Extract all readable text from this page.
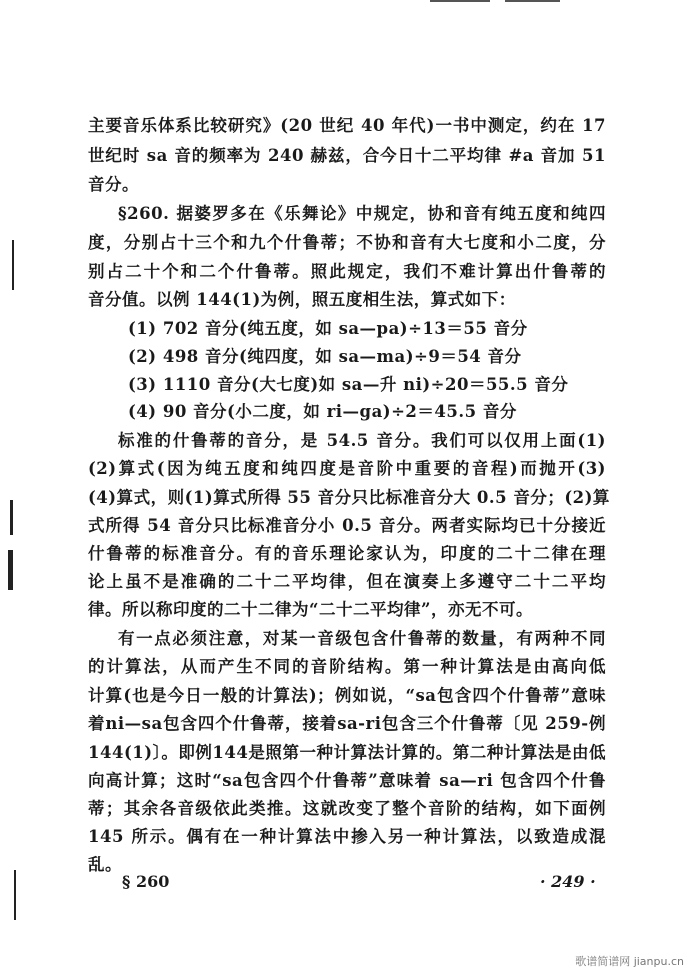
主要音乐体系比较研究》(20 世纪 40 年代)一书中测定，约在 17
世纪时 sa 音的频率为 240 赫兹，合今日十二平均律 #a 音加 51
音分。
§260. 据婆罗多在《乐舞论》中规定，协和音有纯五度和纯四
度，分别占十三个和九个什鲁蒂；不协和音有大七度和小二度，分
别占二十个和二个什鲁蒂。照此规定，我们不难计算出什鲁蒂的
音分值。以例 144(1)为例，照五度相生法，算式如下：
(1) 702 音分(纯五度，如 sa—pa)÷13＝55 音分
(2) 498 音分(纯四度，如 sa—ma)÷9＝54 音分
(3) 1110 音分(大七度)如 sa—升 ni)÷20＝55.5 音分
(4) 90 音分(小二度，如 ri—ga)÷2＝45.5 音分
标准的什鲁蒂的音分，是 54.5 音分。我们可以仅用上面(1)
(2)算式(因为纯五度和纯四度是音阶中重要的音程)而抛开(3)
(4)算式，则(1)算式所得 55 音分只比标准音分大 0.5 音分；(2)算
式所得 54 音分只比标准音分小 0.5 音分。两者实际均已十分接近
什鲁蒂的标准音分。有的音乐理论家认为，印度的二十二律在理
论上虽不是准确的二十二平均律，但在演奏上多遵守二十二平均
律。所以称印度的二十二律为“二十二平均律”，亦无不可。
有一点必须注意，对某一音级包含什鲁蒂的数量，有两种不同
的计算法，从而产生不同的音阶结构。第一种计算法是由高向低
计算(也是今日一般的计算法)；例如说，“sa包含四个什鲁蒂”意味
着ni—sa包含四个什鲁蒂，接着sa-ri包含三个什鲁蒂〔见 259-例
144(1)〕。即例144是照第一种计算法计算的。第二种计算法是由低
向高计算；这时“sa包含四个什鲁蒂”意味着 sa—ri 包含四个什鲁
蒂；其余各音级依此类推。这就改变了整个音阶的结构，如下面例
145 所示。偶有在一种计算法中掺入另一种计算法，以致造成混
乱。
§ 260	· 249 ·
歌谱简谱网 jianpu.cn
